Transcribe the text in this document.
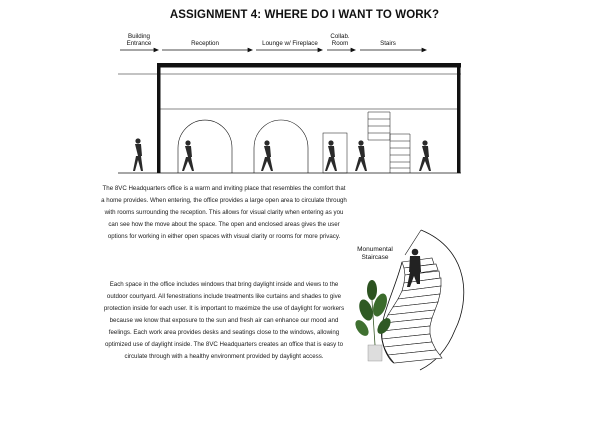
ASSIGNMENT 4: WHERE DO I WANT TO WORK?
Building
Entrance	Reception	Lounge w/ Fireplace
Collab.
Room	Stairs

The 8VC Headquarters office is a warm and inviting place that resembles the comfort that a home provides. When entering, the office provides a large open area to circulate through with rooms surrounding the reception. This allows for visual clarity when entering as you can see how the move about the space. The open and enclosed areas gives the user options for working in either open spaces with visual clarity or rooms for more privacy.

Each space in the office includes windows that bring daylight inside and views to the outdoor courtyard. All fenestrations include treatments like curtains and shades to give protection inside for each user. It is important to maximize the use of daylight for workers because we know that exposure to the sun and fresh air can enhance our mood and feelings. Each work area provides desks and seatings close to the windows, allowing optimized use of daylight inside. The 8VC Headquarters creates an office that is easy to circulate through with a healthy environment provided by daylight access.

Monumental
Staircase
